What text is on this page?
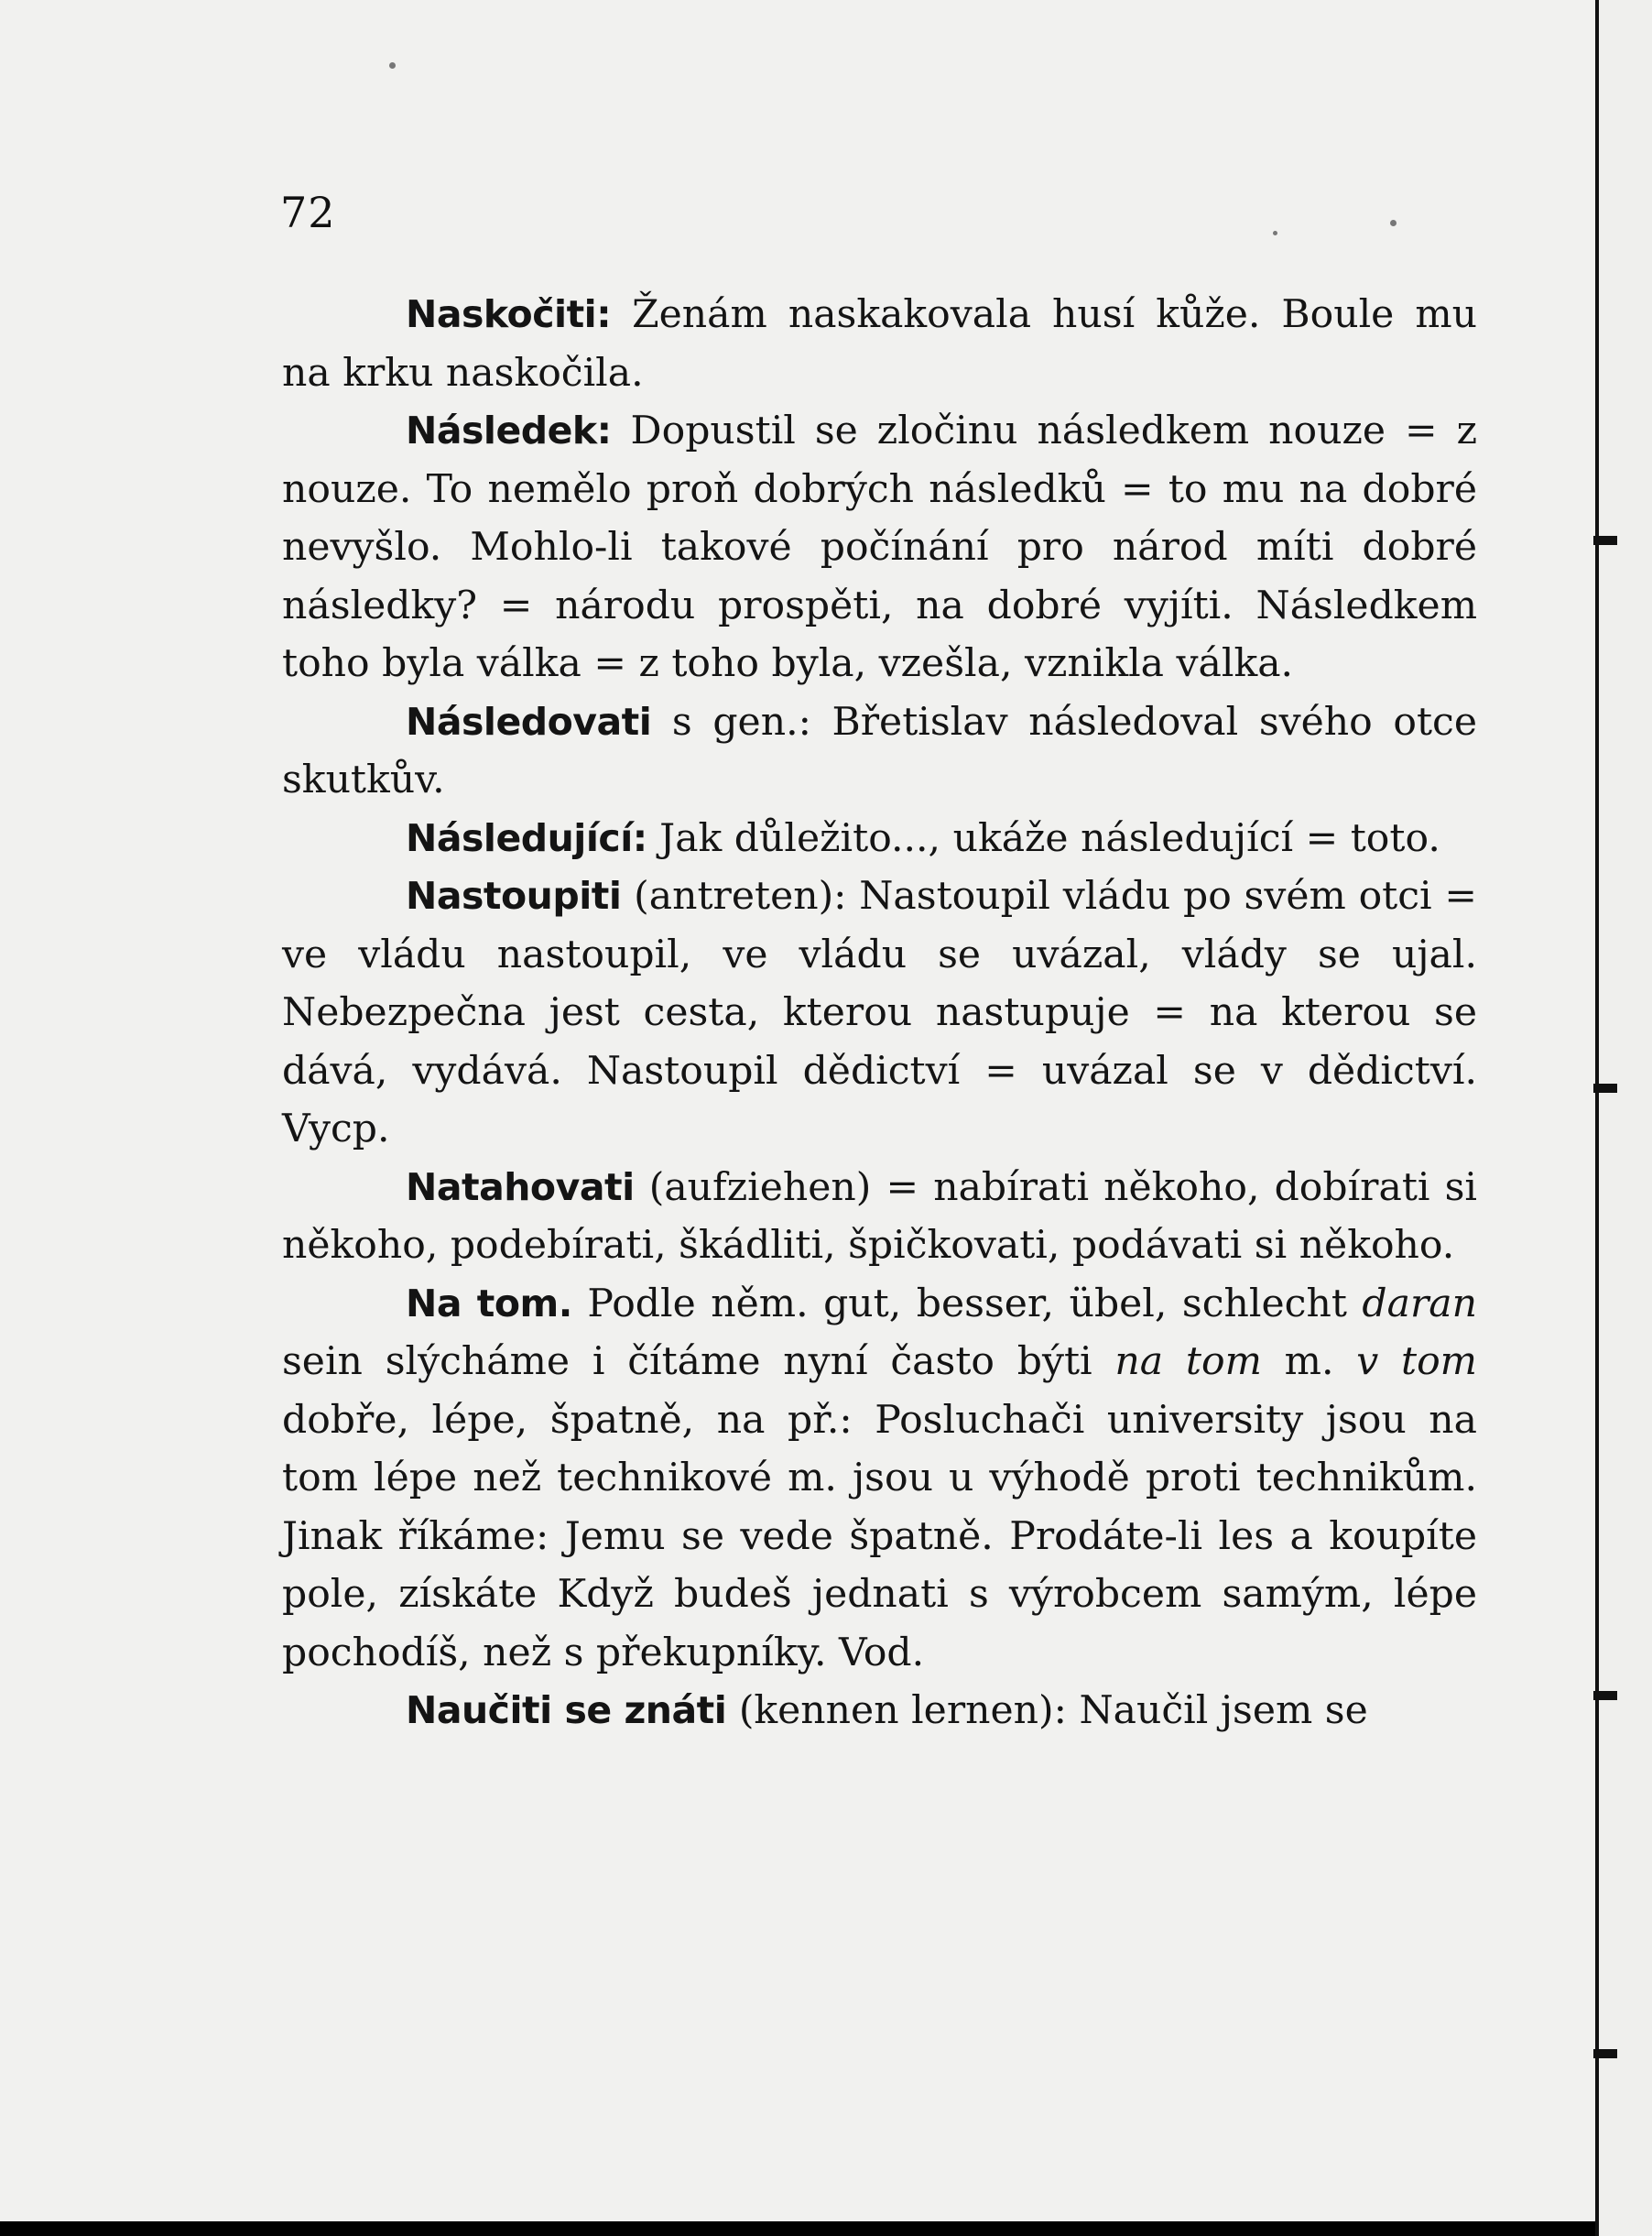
72

Naskočiti: Ženám naskakovala husí kůže. Boule mu na krku naskočila.

Následek: Dopustil se zločinu následkem nouze = z nouze. To nemělo proň dobrých následků = to mu na dobré nevyšlo. Mohlo-li takové počínání pro národ míti dobré následky? = národu prospěti, na dobré vyjíti. Následkem toho byla válka = z toho byla, vzešla, vznikla válka.

Následovati s gen.: Břetislav následoval svého otce skutkův.

Následující: Jak důležito..., ukáže následující = toto.

Nastoupiti (antreten): Nastoupil vládu po svém otci = ve vládu nastoupil, ve vládu se uvázal, vlády se ujal. Nebezpečna jest cesta, kterou nastupuje = na kterou se dává, vydává. Nastoupil dědictví = uvázal se v dědictví. Vycp.

Natahovati (aufziehen) = nabírati někoho, dobírati si někoho, podebírati, škádliti, špičkovati, podávati si někoho.

Na tom. Podle něm. gut, besser, übel, schlecht daran sein slýcháme i čítáme nyní často býti na tom m. v tom dobře, lépe, špatně, na př.: Posluchači university jsou na tom lépe než technikové m. jsou u výhodě proti technikům. Jinak říkáme: Jemu se vede špatně. Prodáte-li les a koupíte pole, získáte Když budeš jednati s výrobcem samým, lépe pochodíš, než s překupníky. Vod.

Naučiti se znáti (kennen lernen): Naučil jsem se
